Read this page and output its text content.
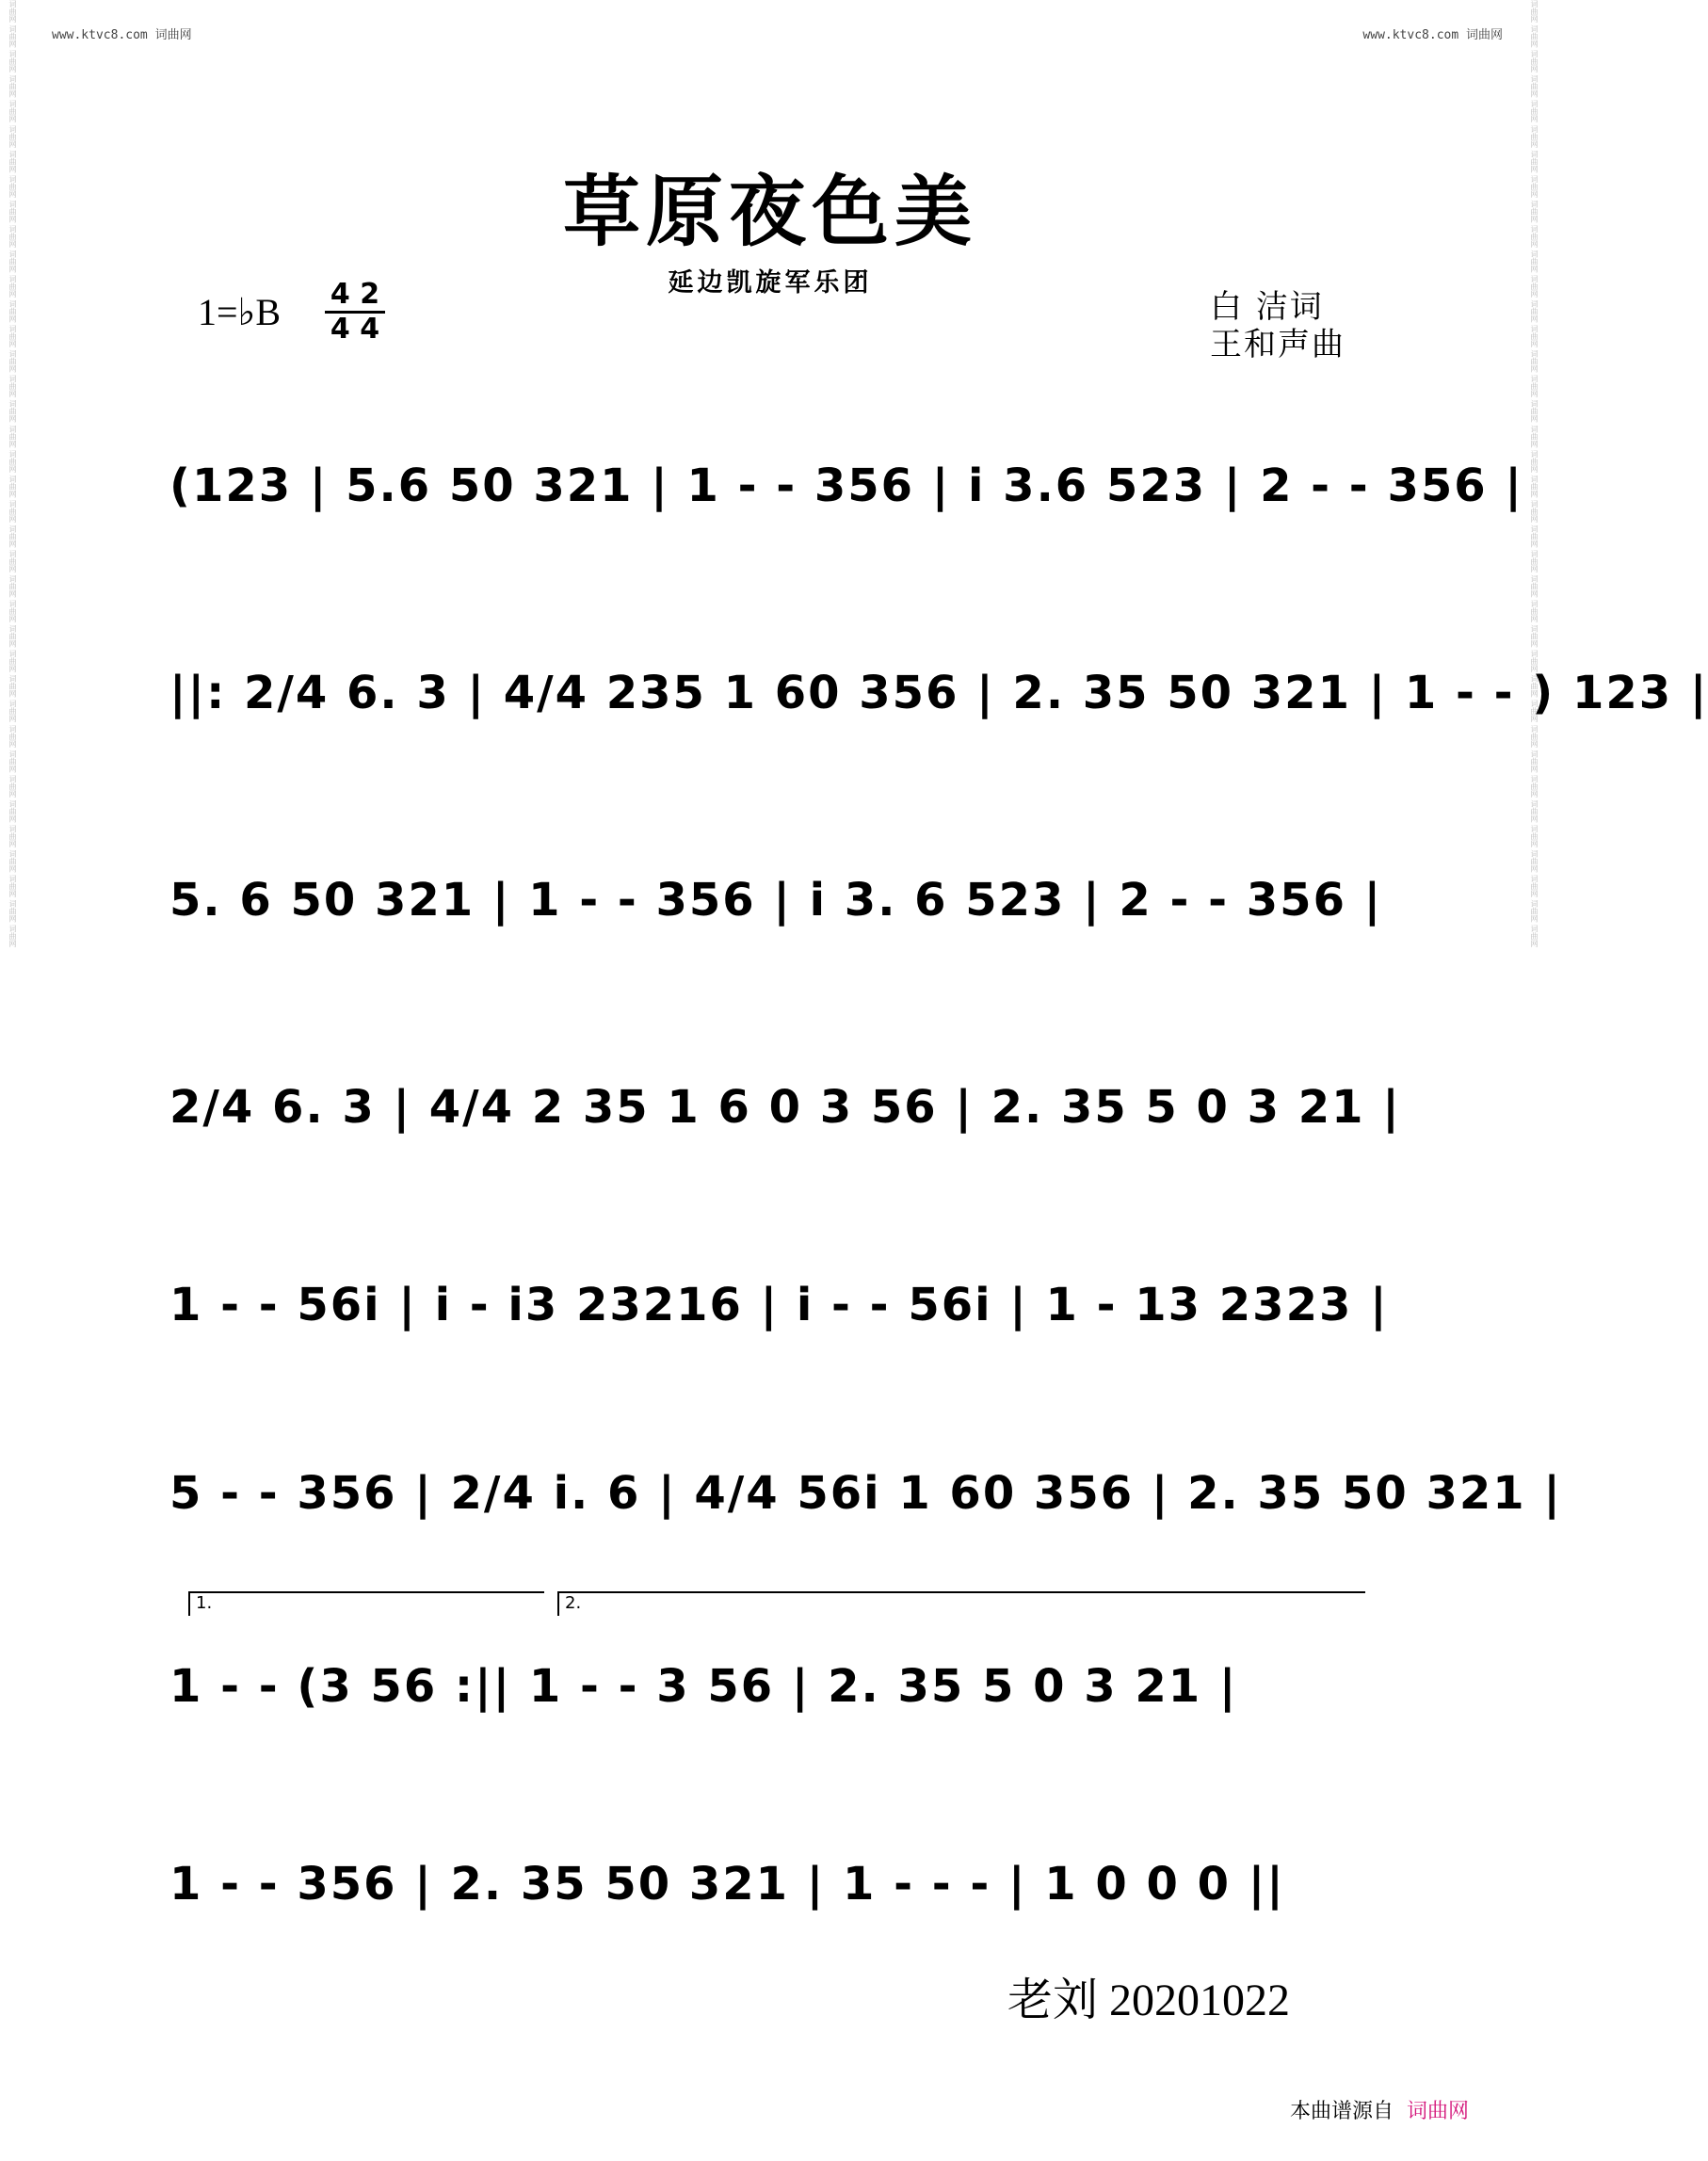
词曲网 词曲网 词曲网 词曲网 词曲网 词曲网 词曲网 词曲网 词曲网 词曲网 词曲网 词曲网 词曲网 词曲网 词曲网 词曲网 词曲网 词曲网 词曲网 词曲网 词曲网 词曲网 词曲网 词曲网 词曲网 词曲网 词曲网 词曲网 词曲网 词曲网 词曲网 词曲网 词曲网 词曲网 词曲网 词曲网 词曲网 词曲网	词曲网 词曲网 词曲网 词曲网 词曲网 词曲网 词曲网 词曲网 词曲网 词曲网 词曲网 词曲网 词曲网 词曲网 词曲网 词曲网 词曲网 词曲网 词曲网 词曲网 词曲网 词曲网 词曲网 词曲网 词曲网 词曲网 词曲网 词曲网 词曲网 词曲网 词曲网 词曲网 词曲网 词曲网 词曲网 词曲网 词曲网 词曲网
www.ktvc8.com 词曲网	www.ktvc8.com 词曲网
草原夜色美
延边凯旋军乐团
1=♭B 4 2
4 4
白 洁词
王和声曲
(123 | 5.6 50 321 | 1 - - 356 | i 3.6 523 | 2 - - 356 |
||: 2/4 6. 3 | 4/4 235 1 60 356 | 2. 35 50 321 | 1 - - ) 123 |
5. 6 50 321 | 1 - - 356 | i 3. 6 523 | 2 - - 356 |
2/4 6. 3 | 4/4 2 35 1 6 0 3 56 | 2. 35 5 0 3 21 |
1 - - 56i | i - i3 23216 | i - - 56i | 1 - 13 2323 |
5 - - 356 | 2/4 i. 6 | 4/4 56i 1 60 356 | 2. 35 50 321 |
1.	2.
1 - - (3 56 :|| 1 - - 3 56 | 2. 35 5 0 3 21 |
1 - - 356 | 2. 35 50 321 | 1 - - - | 1 0 0 0 ||
老刘 20201022
本曲谱源自 词曲网
